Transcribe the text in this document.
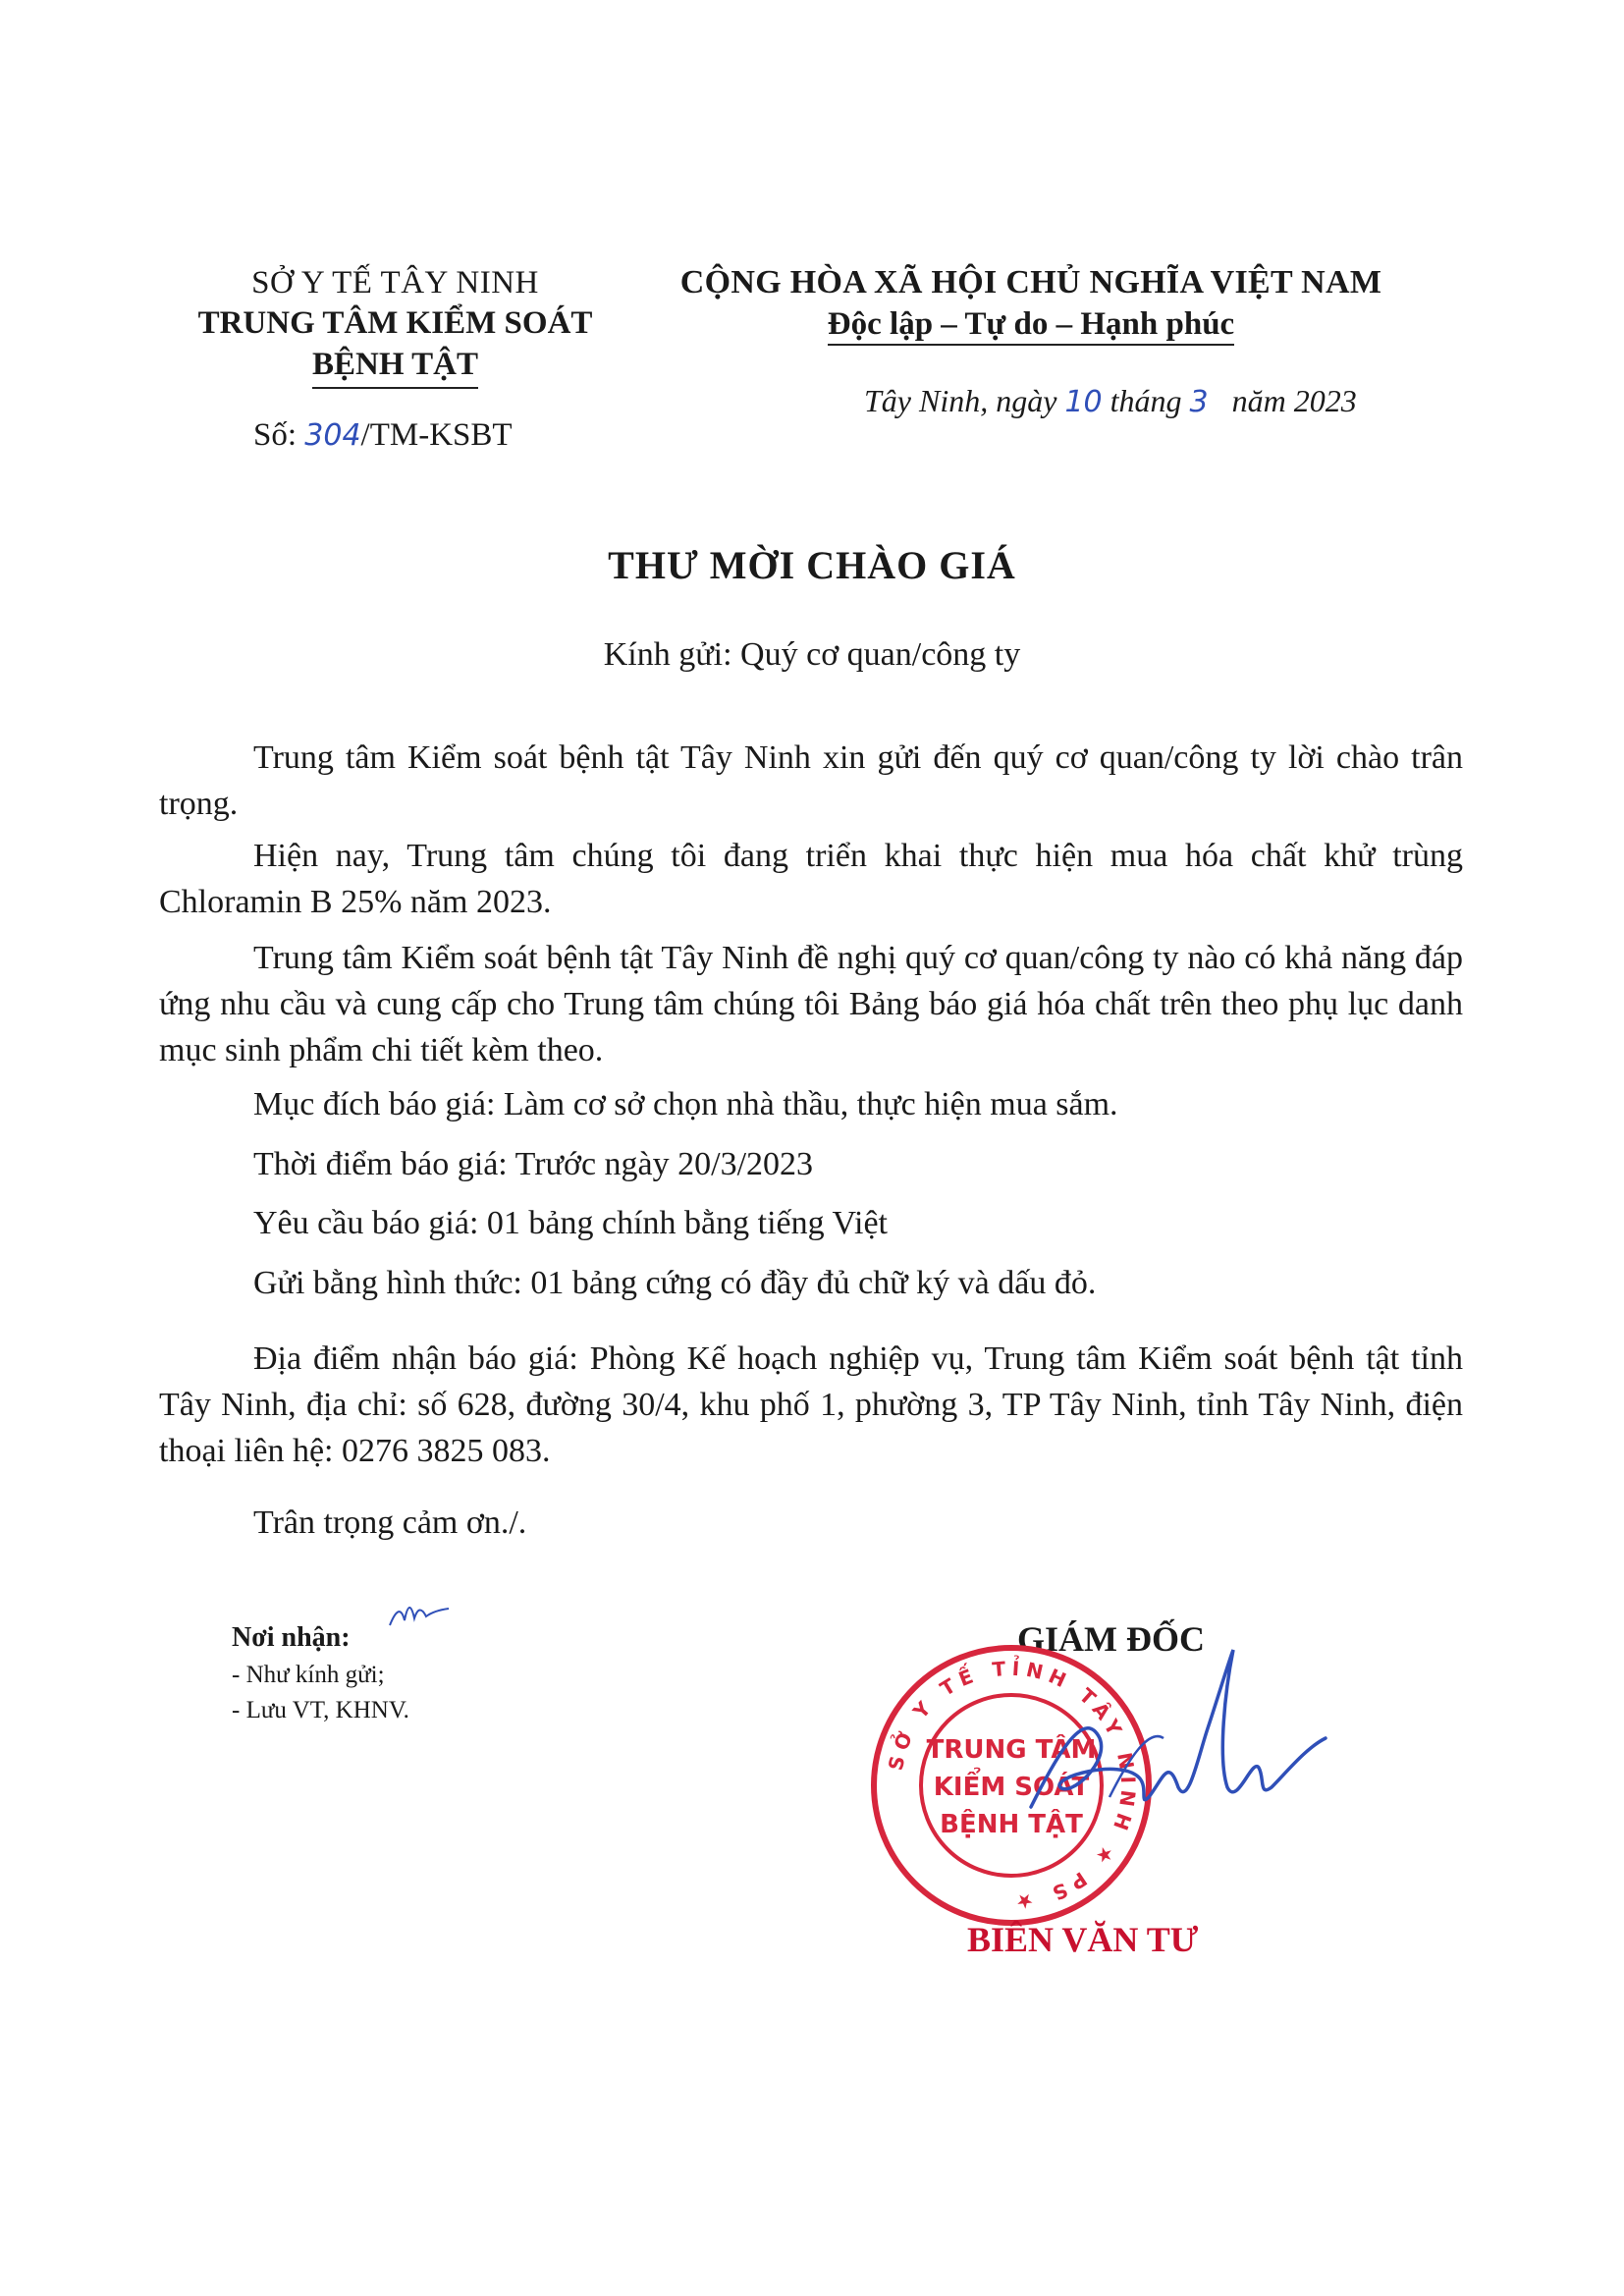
SỞ Y TẾ TÂY NINH
TRUNG TÂM KIỂM SOÁT
BỆNH TẬT
Số: 304/TM-KSBT
CỘNG HÒA XÃ HỘI CHỦ NGHĨA VIỆT NAM
Độc lập – Tự do – Hạnh phúc
Tây Ninh, ngày 10 tháng 3 năm 2023
THƯ MỜI CHÀO GIÁ
Kính gửi: Quý cơ quan/công ty
Trung tâm Kiểm soát bệnh tật Tây Ninh xin gửi đến quý cơ quan/công ty lời chào trân trọng.
Hiện nay, Trung tâm chúng tôi đang triển khai thực hiện mua hóa chất khử trùng Chloramin B 25% năm 2023.
Trung tâm Kiểm soát bệnh tật Tây Ninh đề nghị quý cơ quan/công ty nào có khả năng đáp ứng nhu cầu và cung cấp cho Trung tâm chúng tôi Bảng báo giá hóa chất trên theo phụ lục danh mục sinh phẩm chi tiết kèm theo.
Mục đích báo giá: Làm cơ sở chọn nhà thầu, thực hiện mua sắm.
Thời điểm báo giá: Trước ngày 20/3/2023
Yêu cầu báo giá: 01 bảng chính bằng tiếng Việt
Gửi bằng hình thức: 01 bảng cứng có đầy đủ chữ ký và dấu đỏ.
Địa điểm nhận báo giá: Phòng Kế hoạch nghiệp vụ, Trung tâm Kiểm soát bệnh tật tỉnh Tây Ninh, địa chỉ: số 628, đường 30/4, khu phố 1, phường 3, TP Tây Ninh, tỉnh Tây Ninh, điện thoại liên hệ: 0276 3825 083.
Trân trọng cảm ơn./.
Nơi nhận:
- Như kính gửi;
- Lưu VT, KHNV.
GIÁM ĐỐC
SỞ Y TẾ TỈNH TÂY NINH ★ PS ★
TRUNG TÂM
KIỂM SOÁT
BỆNH TẬT
BIÊN VĂN TƯ
